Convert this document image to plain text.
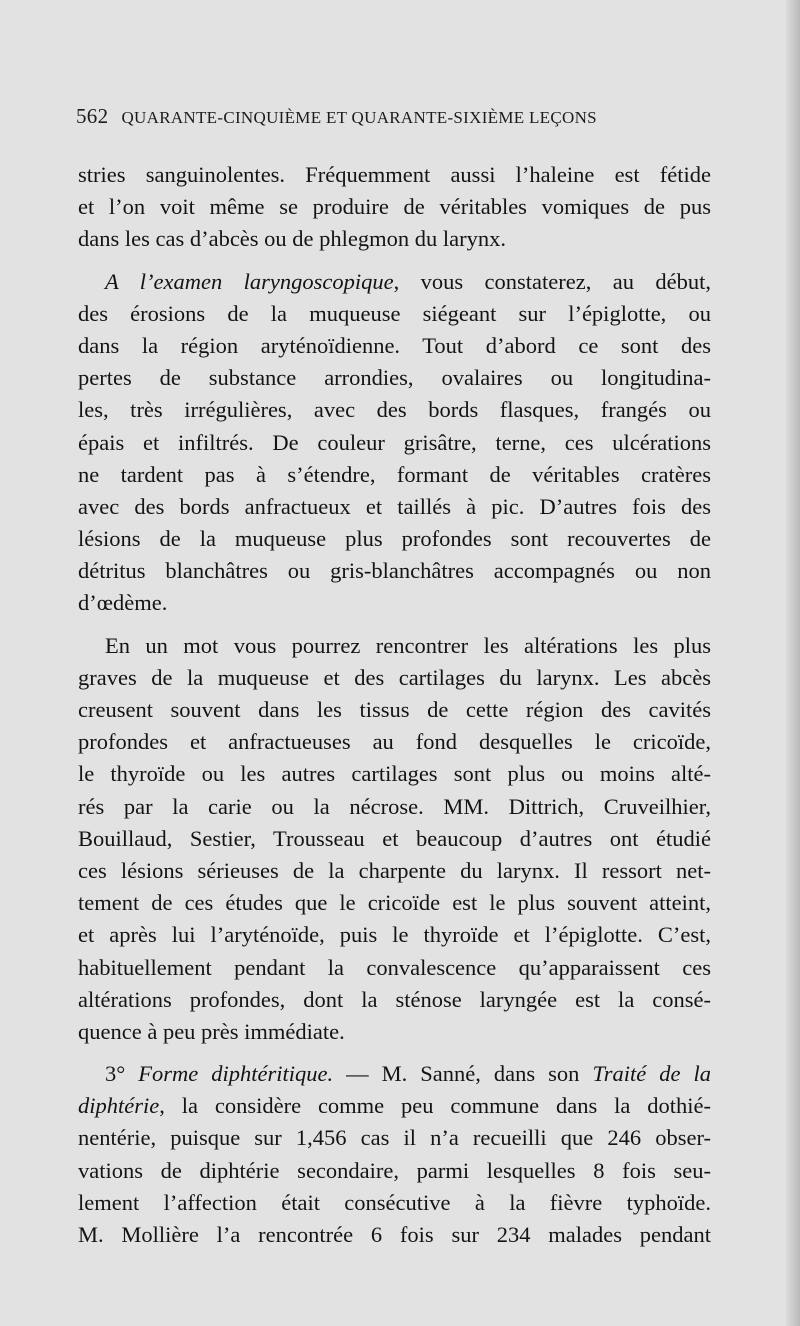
562 QUARANTE-CINQUIÈME ET QUARANTE-SIXIÈME LEÇONS
stries sanguinolentes. Fréquemment aussi l’haleine est fétide
et l’on voit même se produire de véritables vomiques de pus
dans les cas d’abcès ou de phlegmon du larynx.
A l’examen laryngoscopique, vous constaterez, au début,
des érosions de la muqueuse siégeant sur l’épiglotte, ou
dans la région aryténoïdienne. Tout d’abord ce sont des
pertes de substance arrondies, ovalaires ou longitudina-
les, très irrégulières, avec des bords flasques, frangés ou
épais et infiltrés. De couleur grisâtre, terne, ces ulcérations
ne tardent pas à s’étendre, formant de véritables cratères
avec des bords anfractueux et taillés à pic. D’autres fois des
lésions de la muqueuse plus profondes sont recouvertes de
détritus blanchâtres ou gris-blanchâtres accompagnés ou non
d’œdème.
En un mot vous pourrez rencontrer les altérations les plus
graves de la muqueuse et des cartilages du larynx. Les abcès
creusent souvent dans les tissus de cette région des cavités
profondes et anfractueuses au fond desquelles le cricoïde,
le thyroïde ou les autres cartilages sont plus ou moins alté-
rés par la carie ou la nécrose. MM. Dittrich, Cruveilhier,
Bouillaud, Sestier, Trousseau et beaucoup d’autres ont étudié
ces lésions sérieuses de la charpente du larynx. Il ressort net-
tement de ces études que le cricoïde est le plus souvent atteint,
et après lui l’aryténoïde, puis le thyroïde et l’épiglotte. C’est,
habituellement pendant la convalescence qu’apparaissent ces
altérations profondes, dont la sténose laryngée est la consé-
quence à peu près immédiate.
3° Forme diphtéritique. — M. Sanné, dans son Traité de la
diphtérie, la considère comme peu commune dans la dothié-
nentérie, puisque sur 1,456 cas il n’a recueilli que 246 obser-
vations de diphtérie secondaire, parmi lesquelles 8 fois seu-
lement l’affection était consécutive à la fièvre typhoïde.
M. Mollière l’a rencontrée 6 fois sur 234 malades pendant
